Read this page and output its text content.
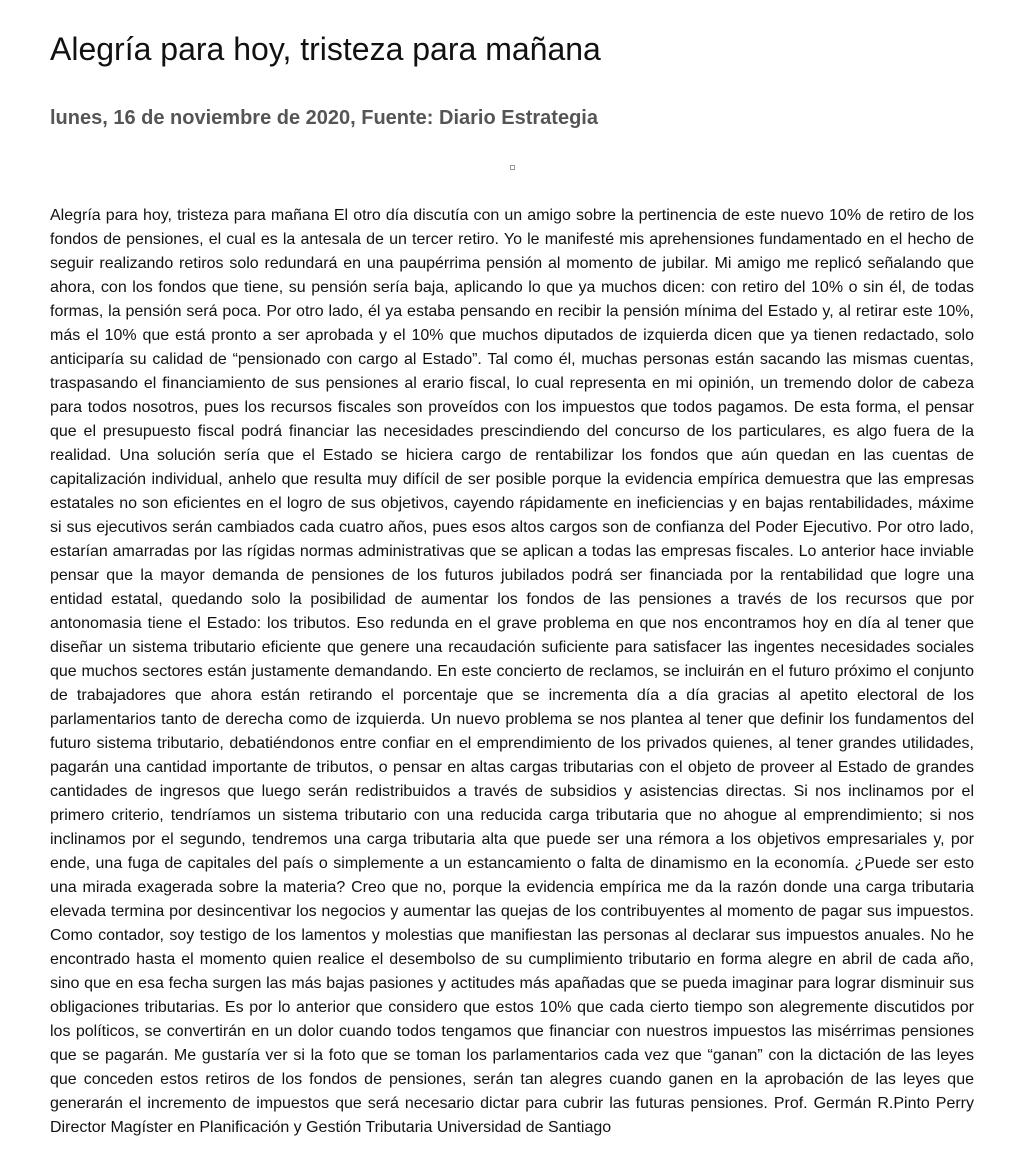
Alegría para hoy, tristeza para mañana

lunes, 16 de noviembre de 2020, Fuente: Diario Estrategia

Alegría para hoy, tristeza para mañana El otro día discutía con un amigo sobre la pertinencia de este nuevo 10% de retiro de los fondos de pensiones, el cual es la antesala de un tercer retiro. Yo le manifesté mis aprehensiones fundamentado en el hecho de seguir realizando retiros solo redundará en una paupérrima pensión al momento de jubilar. Mi amigo me replicó señalando que ahora, con los fondos que tiene, su pensión sería baja, aplicando lo que ya muchos dicen: con retiro del 10% o sin él, de todas formas, la pensión será poca. Por otro lado, él ya estaba pensando en recibir la pensión mínima del Estado y, al retirar este 10%, más el 10% que está pronto a ser aprobada y el 10% que muchos diputados de izquierda dicen que ya tienen redactado, solo anticiparía su calidad de “pensionado con cargo al Estado”. Tal como él, muchas personas están sacando las mismas cuentas, traspasando el financiamiento de sus pensiones al erario fiscal, lo cual representa en mi opinión, un tremendo dolor de cabeza para todos nosotros, pues los recursos fiscales son proveídos con los impuestos que todos pagamos. De esta forma, el pensar que el presupuesto fiscal podrá financiar las necesidades prescindiendo del concurso de los particulares, es algo fuera de la realidad. Una solución sería que el Estado se hiciera cargo de rentabilizar los fondos que aún quedan en las cuentas de capitalización individual, anhelo que resulta muy difícil de ser posible porque la evidencia empírica demuestra que las empresas estatales no son eficientes en el logro de sus objetivos, cayendo rápidamente en ineficiencias y en bajas rentabilidades, máxime si sus ejecutivos serán cambiados cada cuatro años, pues esos altos cargos son de confianza del Poder Ejecutivo. Por otro lado, estarían amarradas por las rígidas normas administrativas que se aplican a todas las empresas fiscales. Lo anterior hace inviable pensar que la mayor demanda de pensiones de los futuros jubilados podrá ser financiada por la rentabilidad que logre una entidad estatal, quedando solo la posibilidad de aumentar los fondos de las pensiones a través de los recursos que por antonomasia tiene el Estado: los tributos. Eso redunda en el grave problema en que nos encontramos hoy en día al tener que diseñar un sistema tributario eficiente que genere una recaudación suficiente para satisfacer las ingentes necesidades sociales que muchos sectores están justamente demandando. En este concierto de reclamos, se incluirán en el futuro próximo el conjunto de trabajadores que ahora están retirando el porcentaje que se incrementa día a día gracias al apetito electoral de los parlamentarios tanto de derecha como de izquierda. Un nuevo problema se nos plantea al tener que definir los fundamentos del futuro sistema tributario, debatiéndonos entre confiar en el emprendimiento de los privados quienes, al tener grandes utilidades, pagarán una cantidad importante de tributos, o pensar en altas cargas tributarias con el objeto de proveer al Estado de grandes cantidades de ingresos que luego serán redistribuidos a través de subsidios y asistencias directas. Si nos inclinamos por el primero criterio, tendríamos un sistema tributario con una reducida carga tributaria que no ahogue al emprendimiento; si nos inclinamos por el segundo, tendremos una carga tributaria alta que puede ser una rémora a los objetivos empresariales y, por ende, una fuga de capitales del país o simplemente a un estancamiento o falta de dinamismo en la economía. ¿Puede ser esto una mirada exagerada sobre la materia? Creo que no, porque la evidencia empírica me da la razón donde una carga tributaria elevada termina por desincentivar los negocios y aumentar las quejas de los contribuyentes al momento de pagar sus impuestos. Como contador, soy testigo de los lamentos y molestias que manifiestan las personas al declarar sus impuestos anuales. No he encontrado hasta el momento quien realice el desembolso de su cumplimiento tributario en forma alegre en abril de cada año, sino que en esa fecha surgen las más bajas pasiones y actitudes más apañadas que se pueda imaginar para lograr disminuir sus obligaciones tributarias. Es por lo anterior que considero que estos 10% que cada cierto tiempo son alegremente discutidos por los políticos, se convertirán en un dolor cuando todos tengamos que financiar con nuestros impuestos las misérrimas pensiones que se pagarán. Me gustaría ver si la foto que se toman los parlamentarios cada vez que “ganan” con la dictación de las leyes que conceden estos retiros de los fondos de pensiones, serán tan alegres cuando ganen en la aprobación de las leyes que generarán el incremento de impuestos que será necesario dictar para cubrir las futuras pensiones. Prof. Germán R.Pinto Perry Director Magíster en Planificación y Gestión Tributaria Universidad de Santiago
